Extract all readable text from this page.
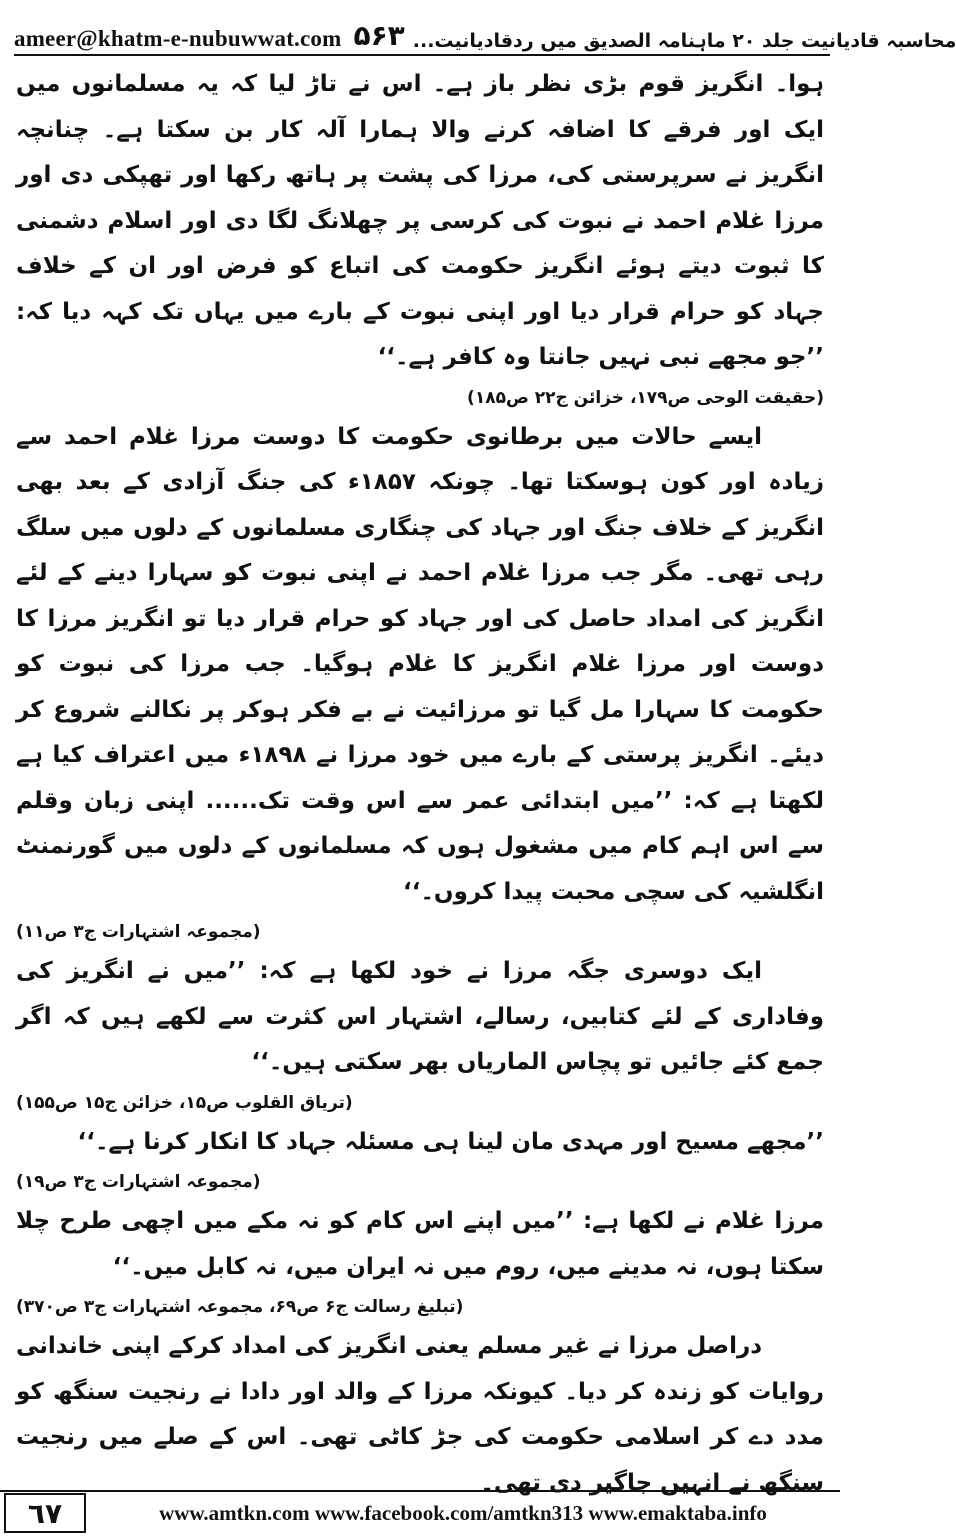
ameer@khatm-e-nubuwwat.com ۵۶۳ محاسبہ قادیانیت جلد ۲۰ ماہنامہ الصدیق میں ردقادیانیت...

ہوا۔ انگریز قوم بڑی نظر باز ہے۔ اس نے تاڑ لیا کہ یہ مسلمانوں میں ایک اور فرقے کا اضافہ کرنے والا ہمارا آلہ کار بن سکتا ہے۔ چنانچہ انگریز نے سرپرستی کی، مرزا کی پشت پر ہاتھ رکھا اور تھپکی دی اور مرزا غلام احمد نے نبوت کی کرسی پر چھلانگ لگا دی اور اسلام دشمنی کا ثبوت دیتے ہوئے انگریز حکومت کی اتباع کو فرض اور ان کے خلاف جہاد کو حرام قرار دیا اور اپنی نبوت کے بارے میں یہاں تک کہہ دیا کہ: ’’جو مجھے نبی نہیں جانتا وہ کافر ہے۔‘‘

(حقیقت الوحی ص۱۷۹، خزائن ج۲۲ ص۱۸۵)

ایسے حالات میں برطانوی حکومت کا دوست مرزا غلام احمد سے زیادہ اور کون ہوسکتا تھا۔ چونکہ ۱۸۵۷ء کی جنگ آزادی کے بعد بھی انگریز کے خلاف جنگ اور جہاد کی چنگاری مسلمانوں کے دلوں میں سلگ رہی تھی۔ مگر جب مرزا غلام احمد نے اپنی نبوت کو سہارا دینے کے لئے انگریز کی امداد حاصل کی اور جہاد کو حرام قرار دیا تو انگریز مرزا کا دوست اور مرزا غلام انگریز کا غلام ہوگیا۔ جب مرزا کی نبوت کو حکومت کا سہارا مل گیا تو مرزائیت نے بے فکر ہوکر پر نکالنے شروع کر دیئے۔ انگریز پرستی کے بارے میں خود مرزا نے ۱۸۹۸ء میں اعتراف کیا ہے لکھتا ہے کہ: ’’میں ابتدائی عمر سے اس وقت تک...... اپنی زبان وقلم سے اس اہم کام میں مشغول ہوں کہ مسلمانوں کے دلوں میں گورنمنٹ انگلشیہ کی سچی محبت پیدا کروں۔‘‘

(مجموعہ اشتہارات ج۳ ص۱۱)

ایک دوسری جگہ مرزا نے خود لکھا ہے کہ: ’’میں نے انگریز کی وفاداری کے لئے کتابیں، رسالے، اشتہار اس کثرت سے لکھے ہیں کہ اگر جمع کئے جائیں تو پچاس الماریاں بھر سکتی ہیں۔‘‘

(تریاق القلوب ص۱۵، خزائن ج۱۵ ص۱۵۵)

’’مجھے مسیح اور مہدی مان لینا ہی مسئلہ جہاد کا انکار کرنا ہے۔‘‘

(مجموعہ اشتہارات ج۳ ص۱۹)

مرزا غلام نے لکھا ہے: ’’میں اپنے اس کام کو نہ مکے میں اچھی طرح چلا سکتا ہوں، نہ مدینے میں، روم میں نہ ایران میں، نہ کابل میں۔‘‘

(تبلیغ رسالت ج۶ ص۶۹، مجموعہ اشتہارات ج۳ ص۳۷۰)

دراصل مرزا نے غیر مسلم یعنی انگریز کی امداد کرکے اپنی خاندانی روایات کو زندہ کر دیا۔ کیونکہ مرزا کے والد اور دادا نے رنجیت سنگھ کو مدد دے کر اسلامی حکومت کی جڑ کاٹی تھی۔ اس کے صلے میں رنجیت سنگھ نے انہیں جاگیر دی تھی۔

٦٧	www.amtkn.com www.facebook.com/amtkn313 www.emaktaba.info
